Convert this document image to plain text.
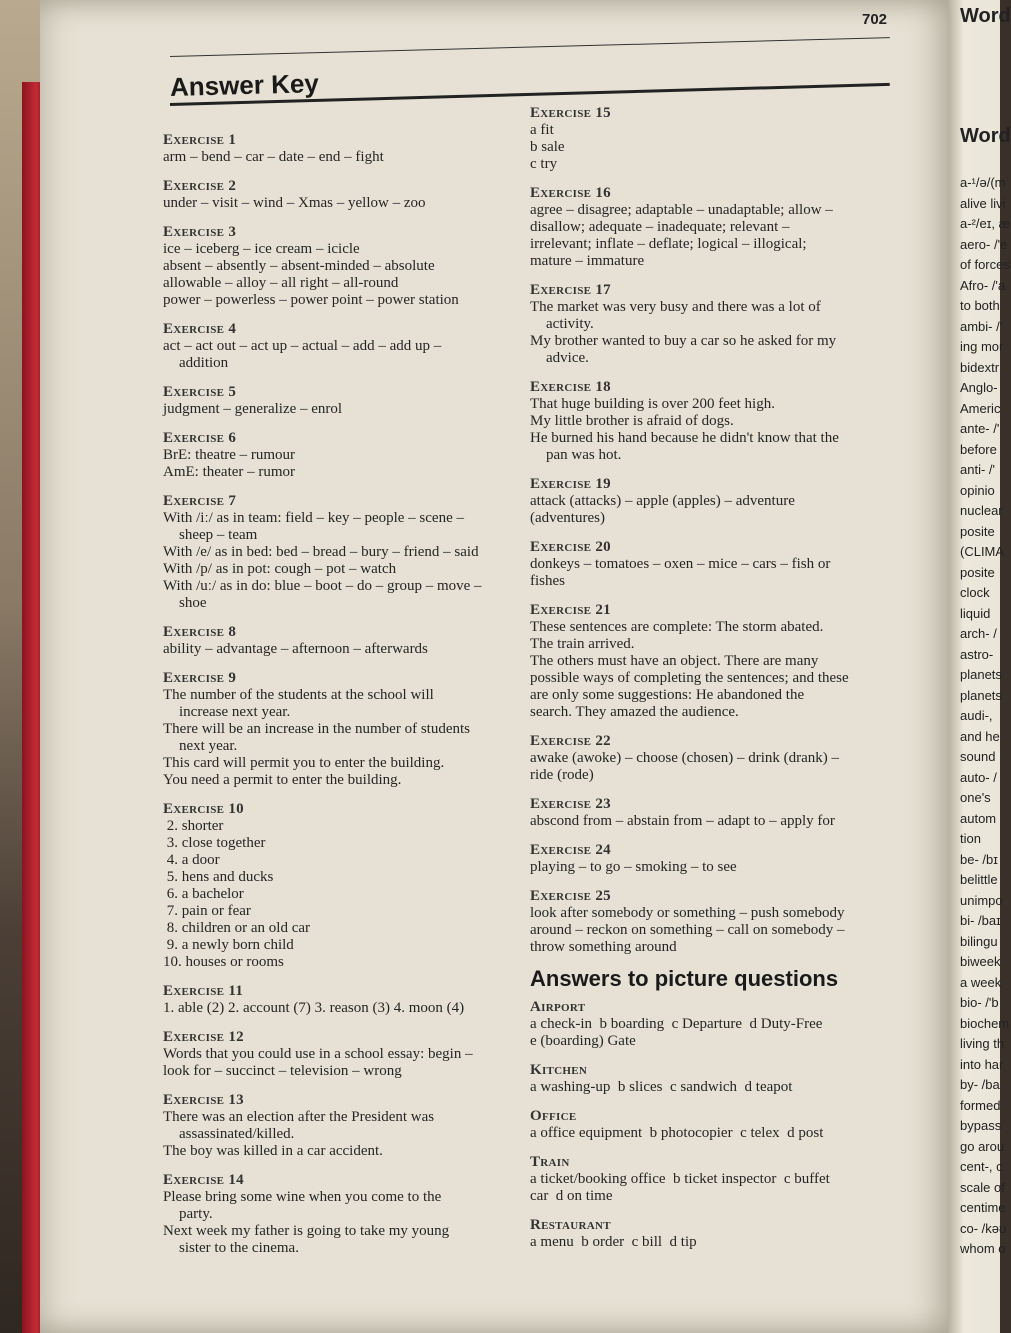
702
Answer Key
Exercise 1
arm – bend – car – date – end – fight
Exercise 2
under – visit – wind – Xmas – yellow – zoo
Exercise 3
ice – iceberg – ice cream – icicle
absent – absently – absent-minded – absolute
allowable – alloy – all right – all-round
power – powerless – power point – power station
Exercise 4
act – act out – act up – actual – add – add up –
addition
Exercise 5
judgment – generalize – enrol
Exercise 6
BrE: theatre – rumour
AmE: theater – rumor
Exercise 7
With /iː/ as in team: field – key – people – scene –
sheep – team
With /e/ as in bed: bed – bread – bury – friend – said
With /p/ as in pot: cough – pot – watch
With /uː/ as in do: blue – boot – do – group – move –
shoe
Exercise 8
ability – advantage – afternoon – afterwards
Exercise 9
The number of the students at the school will
increase next year.
There will be an increase in the number of students
next year.
This card will permit you to enter the building.
You need a permit to enter the building.
Exercise 10
2. shorter
3. close together
4. a door
5. hens and ducks
6. a bachelor
7. pain or fear
8. children or an old car
9. a newly born child
10. houses or rooms
Exercise 11
1. able (2) 2. account (7) 3. reason (3) 4. moon (4)
Exercise 12
Words that you could use in a school essay: begin –
look for – succinct – television – wrong
Exercise 13
There was an election after the President was
assassinated/killed.
The boy was killed in a car accident.
Exercise 14
Please bring some wine when you come to the
party.
Next week my father is going to take my young
sister to the cinema.
Exercise 15
a fit
b sale
c try
Exercise 16
agree – disagree; adaptable – unadaptable; allow –
disallow; adequate – inadequate; relevant –
irrelevant; inflate – deflate; logical – illogical;
mature – immature
Exercise 17
The market was very busy and there was a lot of
activity.
My brother wanted to buy a car so he asked for my
advice.
Exercise 18
That huge building is over 200 feet high.
My little brother is afraid of dogs.
He burned his hand because he didn't know that the
pan was hot.
Exercise 19
attack (attacks) – apple (apples) – adventure
(adventures)
Exercise 20
donkeys – tomatoes – oxen – mice – cars – fish or
fishes
Exercise 21
These sentences are complete: The storm abated.
The train arrived.
The others must have an object. There are many
possible ways of completing the sentences; and these
are only some suggestions: He abandoned the
search. They amazed the audience.
Exercise 22
awake (awoke) – choose (chosen) – drink (drank) –
ride (rode)
Exercise 23
abscond from – abstain from – adapt to – apply for
Exercise 24
playing – to go – smoking – to see
Exercise 25
look after somebody or something – push somebody
around – reckon on something – call on somebody –
throw something around
Answers to picture questions
Airport
a check-in  b boarding  c Departure  d Duty-Free
e (boarding) Gate
Kitchen
a washing-up  b slices  c sandwich  d teapot
Office
a office equipment  b photocopier  c telex  d post
Train
a ticket/booking office  b ticket inspector  c buffet
car  d on time
Restaurant
a menu  b order  c bill  d tip
Word
Word
a-¹/ə/(m
alive livi
a-²/eɪ, æ
aero- /'e
of forces
Afro- /'a
to both
ambi- /'
ing mor
bidextr
Anglo-
Americ
ante- /'
before
anti- /'
opinio
nuclear
posite
(CLIMA
posite
clock
liquid
arch- /
astro-
planets
planets
audi-,
and he
sound
auto- /
one's
autom
tion
be- /bɪ
belittle
unimpo
bi- /baɪ
bilingu
biweek
a week
bio- /'b
biochem
living th
into har
by- /ba
formed
bypass
go arou
cent-, c
scale of
centime
co- /kəʊ
whom o
